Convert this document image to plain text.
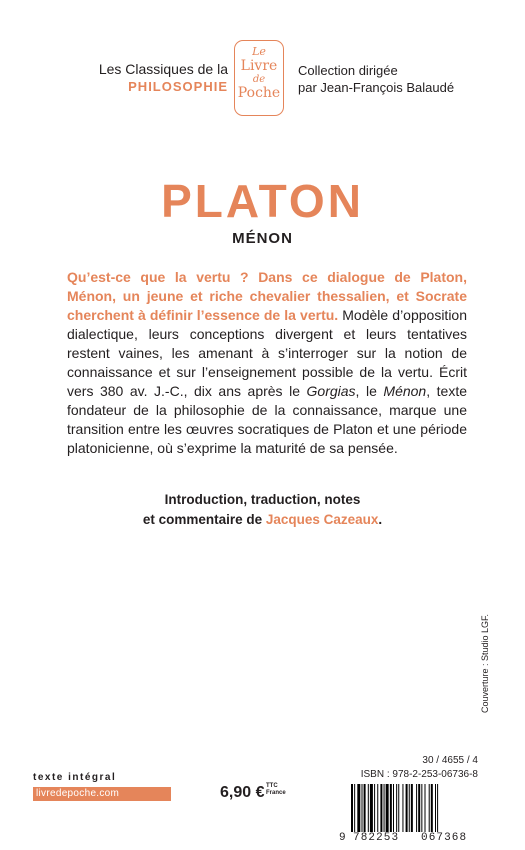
Les Classiques de la
PHILOSOPHIE
Le
Livre
de
Poche
Collection dirigée
par Jean-François Balaudé
PLATON
MÉNON
Qu’est-ce que la vertu ? Dans ce dialogue de Platon, Ménon, un jeune et riche chevalier thessalien, et Socrate cherchent à définir l’essence de la vertu. Modèle d’opposition dialectique, leurs conceptions divergent et leurs tentatives restent vaines, les amenant à s’interroger sur la notion de connaissance et sur l’enseignement possible de la vertu. Écrit vers 380 av. J.-C., dix ans après le Gorgias, le Ménon, texte fondateur de la philosophie de la connaissance, marque une transition entre les œuvres socratiques de Platon et une période platonicienne, où s’exprime la maturité de sa pensée.
Introduction, traduction, notes
et commentaire de Jacques Cazeaux.
Couverture : Studio LGF.
texte intégral
livredepoche.com	6,90 € TTC
France
30 / 4655 / 4
ISBN : 978-2-253-06736-8
9 782253 067368
